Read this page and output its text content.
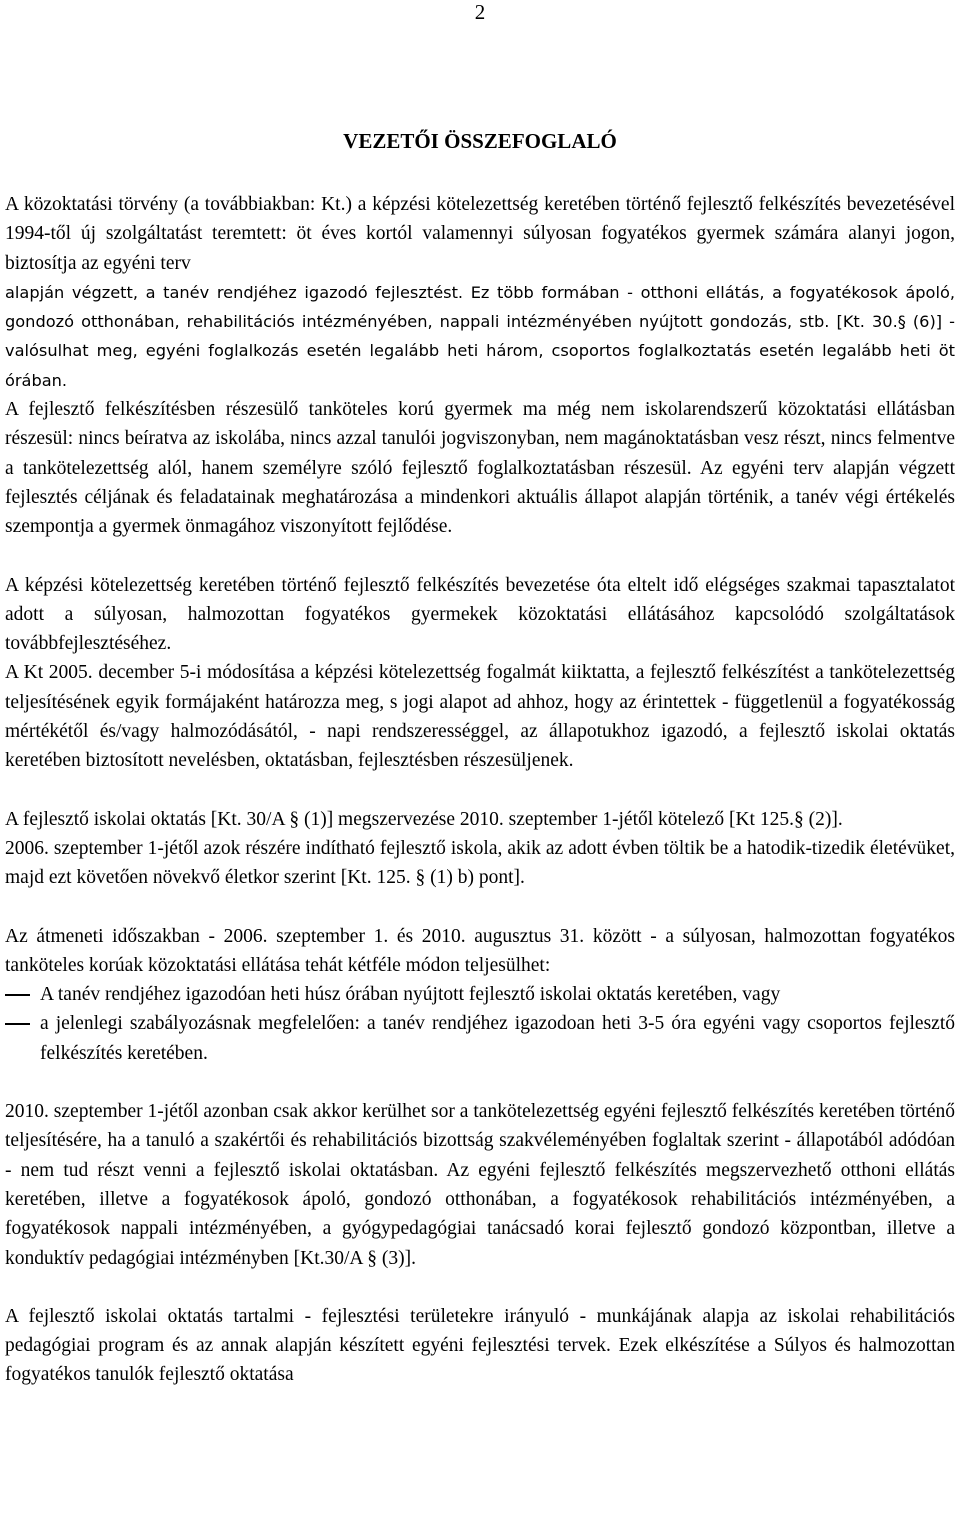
2
VEZETŐI ÖSSZEFOGLALÓ

A közoktatási törvény (a továbbiakban: Kt.) a képzési kötelezettség keretében történő fejlesztő felkészítés bevezetésével 1994-től új szolgáltatást teremtett: öt éves kortól valamennyi súlyosan fogyatékos gyermek számára alanyi jogon, biztosítja az egyéni terv

alapján végzett, a tanév rendjéhez igazodó fejlesztést. Ez több formában - otthoni ellátás, a fogyatékosok ápoló, gondozó otthonában, rehabilitációs intézményében, nappali intézményében nyújtott gondozás, stb. [Kt. 30.§ (6)] - valósulhat meg, egyéni foglalkozás esetén legalább heti három, csoportos foglalkoztatás esetén legalább heti öt órában.

A fejlesztő felkészítésben részesülő tanköteles korú gyermek ma még nem iskolarendszerű közoktatási ellátásban részesül: nincs beíratva az iskolába, nincs azzal tanulói jogviszonyban, nem magánoktatásban vesz részt, nincs felmentve a tankötelezettség alól, hanem személyre szóló fejlesztő foglalkoztatásban részesül. Az egyéni terv alapján végzett fejlesztés céljának és feladatainak meghatározása a mindenkori aktuális állapot alapján történik, a tanév végi értékelés szempontja a gyermek önmagához viszonyított fejlődése.

A képzési kötelezettség keretében történő fejlesztő felkészítés bevezetése óta eltelt idő elégséges szakmai tapasztalatot adott a súlyosan, halmozottan fogyatékos gyermekek közoktatási ellátásához kapcsolódó szolgáltatások továbbfejlesztéséhez.

A Kt 2005. december 5-i módosítása a képzési kötelezettség fogalmát kiiktatta, a fejlesztő felkészítést a tankötelezettség teljesítésének egyik formájaként határozza meg, s jogi alapot ad ahhoz, hogy az érintettek - függetlenül a fogyatékosság mértékétől és/vagy halmozódásától, - napi rendszerességgel, az állapotukhoz igazodó, a fejlesztő iskolai oktatás keretében biztosított nevelésben, oktatásban, fejlesztésben részesüljenek.

A fejlesztő iskolai oktatás [Kt. 30/A § (1)] megszervezése 2010. szeptember 1-jétől kötelező [Kt 125.§ (2)].

2006. szeptember 1-jétől azok részére indítható fejlesztő iskola, akik az adott évben töltik be a hatodik-tizedik életévüket, majd ezt követően növekvő életkor szerint [Kt. 125. § (1) b) pont].

Az átmeneti időszakban - 2006. szeptember 1. és 2010. augusztus 31. között - a súlyosan, halmozottan fogyatékos tanköteles korúak közoktatási ellátása tehát kétféle módon teljesülhet:

A tanév rendjéhez igazodóan heti húsz órában nyújtott fejlesztő iskolai oktatás keretében, vagy
a jelenlegi szabályozásnak megfelelően: a tanév rendjéhez igazodoan heti 3-5 óra egyéni vagy csoportos fejlesztő felkészítés keretében.

2010. szeptember 1-jétől azonban csak akkor kerülhet sor a tankötelezettség egyéni fejlesztő felkészítés keretében történő teljesítésére, ha a tanuló a szakértői és rehabilitációs bizottság szakvéleményében foglaltak szerint - állapotából adódóan - nem tud részt venni a fejlesztő iskolai oktatásban. Az egyéni fejlesztő felkészítés megszervezhető otthoni ellátás keretében, illetve a fogyatékosok ápoló, gondozó otthonában, a fogyatékosok rehabilitációs intézményében, a fogyatékosok nappali intézményében, a gyógypedagógiai tanácsadó korai fejlesztő gondozó központban, illetve a konduktív pedagógiai intézményben [Kt.30/A § (3)].

A fejlesztő iskolai oktatás tartalmi - fejlesztési területekre irányuló - munkájának alapja az iskolai rehabilitációs pedagógiai program és az annak alapján készített egyéni fejlesztési tervek. Ezek elkészítése a Súlyos és halmozottan fogyatékos tanulók fejlesztő oktatása
